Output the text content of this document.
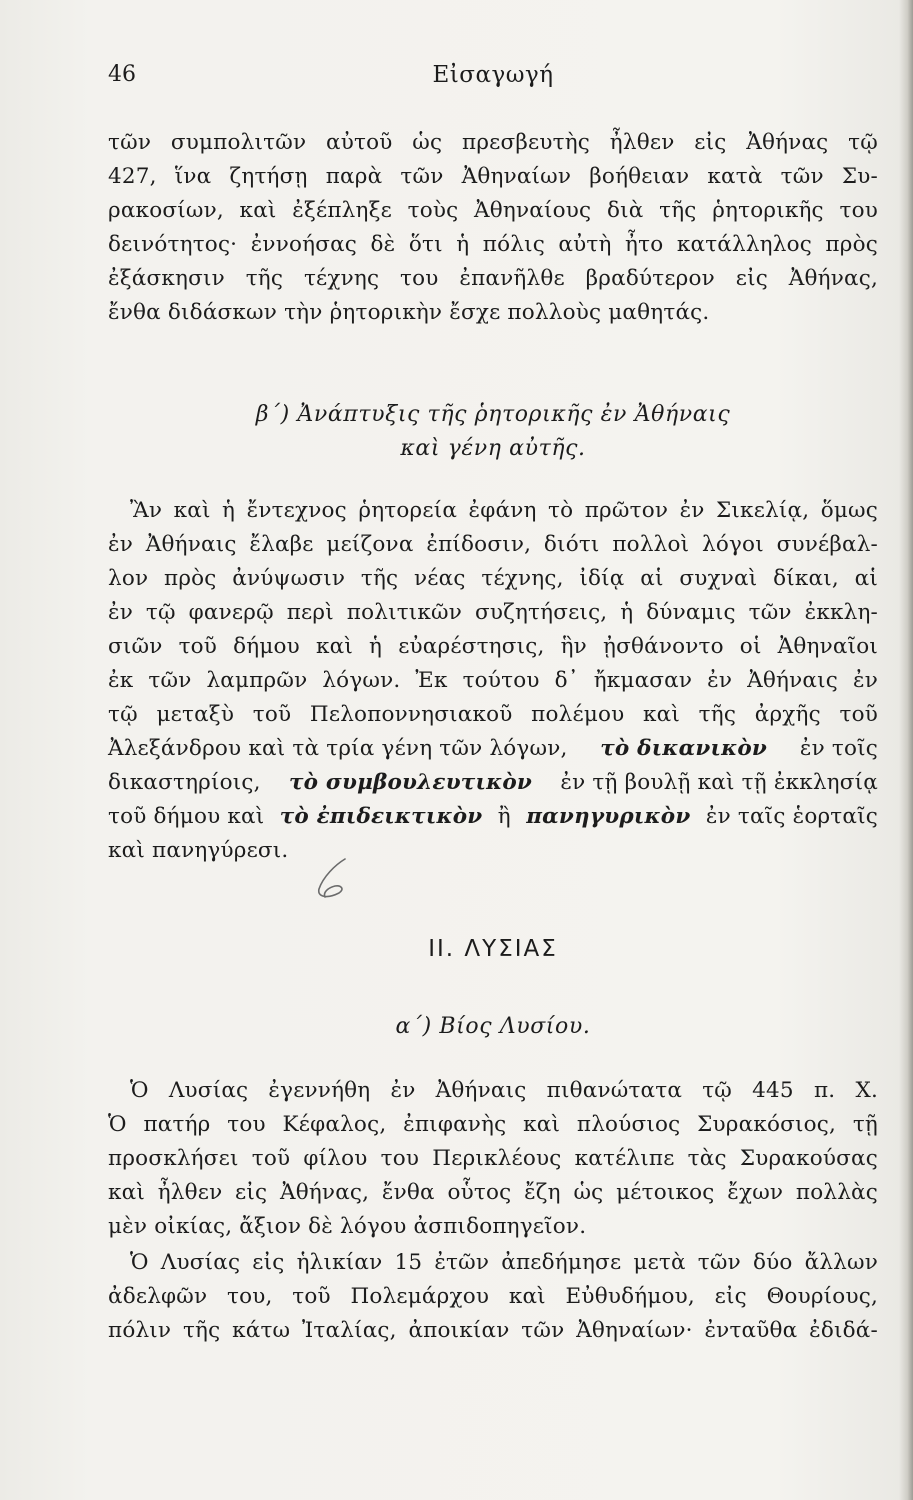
46	Εἰσαγωγή
τῶν συμπολιτῶν αὐτοῦ ὡς πρεσβευτὴς ἦλθεν εἰς Ἀθήνας τῷ
427, ἵνα ζητήσῃ παρὰ τῶν Ἀθηναίων βοήθειαν κατὰ τῶν Συ-
ρακοσίων, καὶ ἐξέπληξε τοὺς Ἀθηναίους διὰ τῆς ῥητορικῆς του
δεινότητος· ἐννοήσας δὲ ὅτι ἡ πόλις αὐτὴ ἦτο κατάλληλος πρὸς
ἐξάσκησιν τῆς τέχνης του ἐπανῆλθε βραδύτερον εἰς Ἀθήνας,
ἔνθα διδάσκων τὴν ῥητορικὴν ἔσχε πολλοὺς μαθητάς.
β΄) Ἀνάπτυξις τῆς ῥητορικῆς ἐν Ἀθήναις
καὶ γένη αὐτῆς.
Ἂν καὶ ἡ ἔντεχνος ῥητορεία ἐφάνη τὸ πρῶτον ἐν Σικελίᾳ, ὅμως
ἐν Ἀθήναις ἔλαβε μείζονα ἐπίδοσιν, διότι πολλοὶ λόγοι συνέβαλ-
λον πρὸς ἀνύψωσιν τῆς νέας τέχνης, ἰδίᾳ αἱ συχναὶ δίκαι, αἱ
ἐν τῷ φανερῷ περὶ πολιτικῶν συζητήσεις, ἡ δύναμις τῶν ἐκκλη-
σιῶν τοῦ δήμου καὶ ἡ εὐαρέστησις, ἣν ᾐσθάνοντο οἱ Ἀθηναῖοι
ἐκ τῶν λαμπρῶν λόγων. Ἐκ τούτου δ᾽ ἤκμασαν ἐν Ἀθήναις ἐν
τῷ μεταξὺ τοῦ Πελοποννησιακοῦ πολέμου καὶ τῆς ἀρχῆς τοῦ
Ἀλεξάνδρου καὶ τὰ τρία γένη τῶν λόγων, τὸ δικανικὸν ἐν τοῖς
δικαστηρίοις, τὸ συμβουλευτικὸν ἐν τῇ βουλῇ καὶ τῇ ἐκκλησίᾳ
τοῦ δήμου καὶ τὸ ἐπιδεικτικὸν ἢ πανηγυρικὸν ἐν ταῖς ἑορταῖς
καὶ πανηγύρεσι.
II. ΛΥΣΙΑΣ
α΄) Βίος Λυσίου.
Ὁ Λυσίας ἐγεννήθη ἐν Ἀθήναις πιθανώτατα τῷ 445 π. Χ.
Ὁ πατήρ του Κέφαλος, ἐπιφανὴς καὶ πλούσιος Συρακόσιος, τῇ
προσκλήσει τοῦ φίλου του Περικλέους κατέλιπε τὰς Συρακούσας
καὶ ἦλθεν εἰς Ἀθήνας, ἔνθα οὗτος ἔζη ὡς μέτοικος ἔχων πολλὰς
μὲν οἰκίας, ἄξιον δὲ λόγου ἀσπιδοπηγεῖον.
Ὁ Λυσίας εἰς ἡλικίαν 15 ἐτῶν ἀπεδήμησε μετὰ τῶν δύο ἄλλων
ἀδελφῶν του, τοῦ Πολεμάρχου καὶ Εὐθυδήμου, εἰς Θουρίους,
πόλιν τῆς κάτω Ἰταλίας, ἀποικίαν τῶν Ἀθηναίων· ἐνταῦθα ἐδιδά-
